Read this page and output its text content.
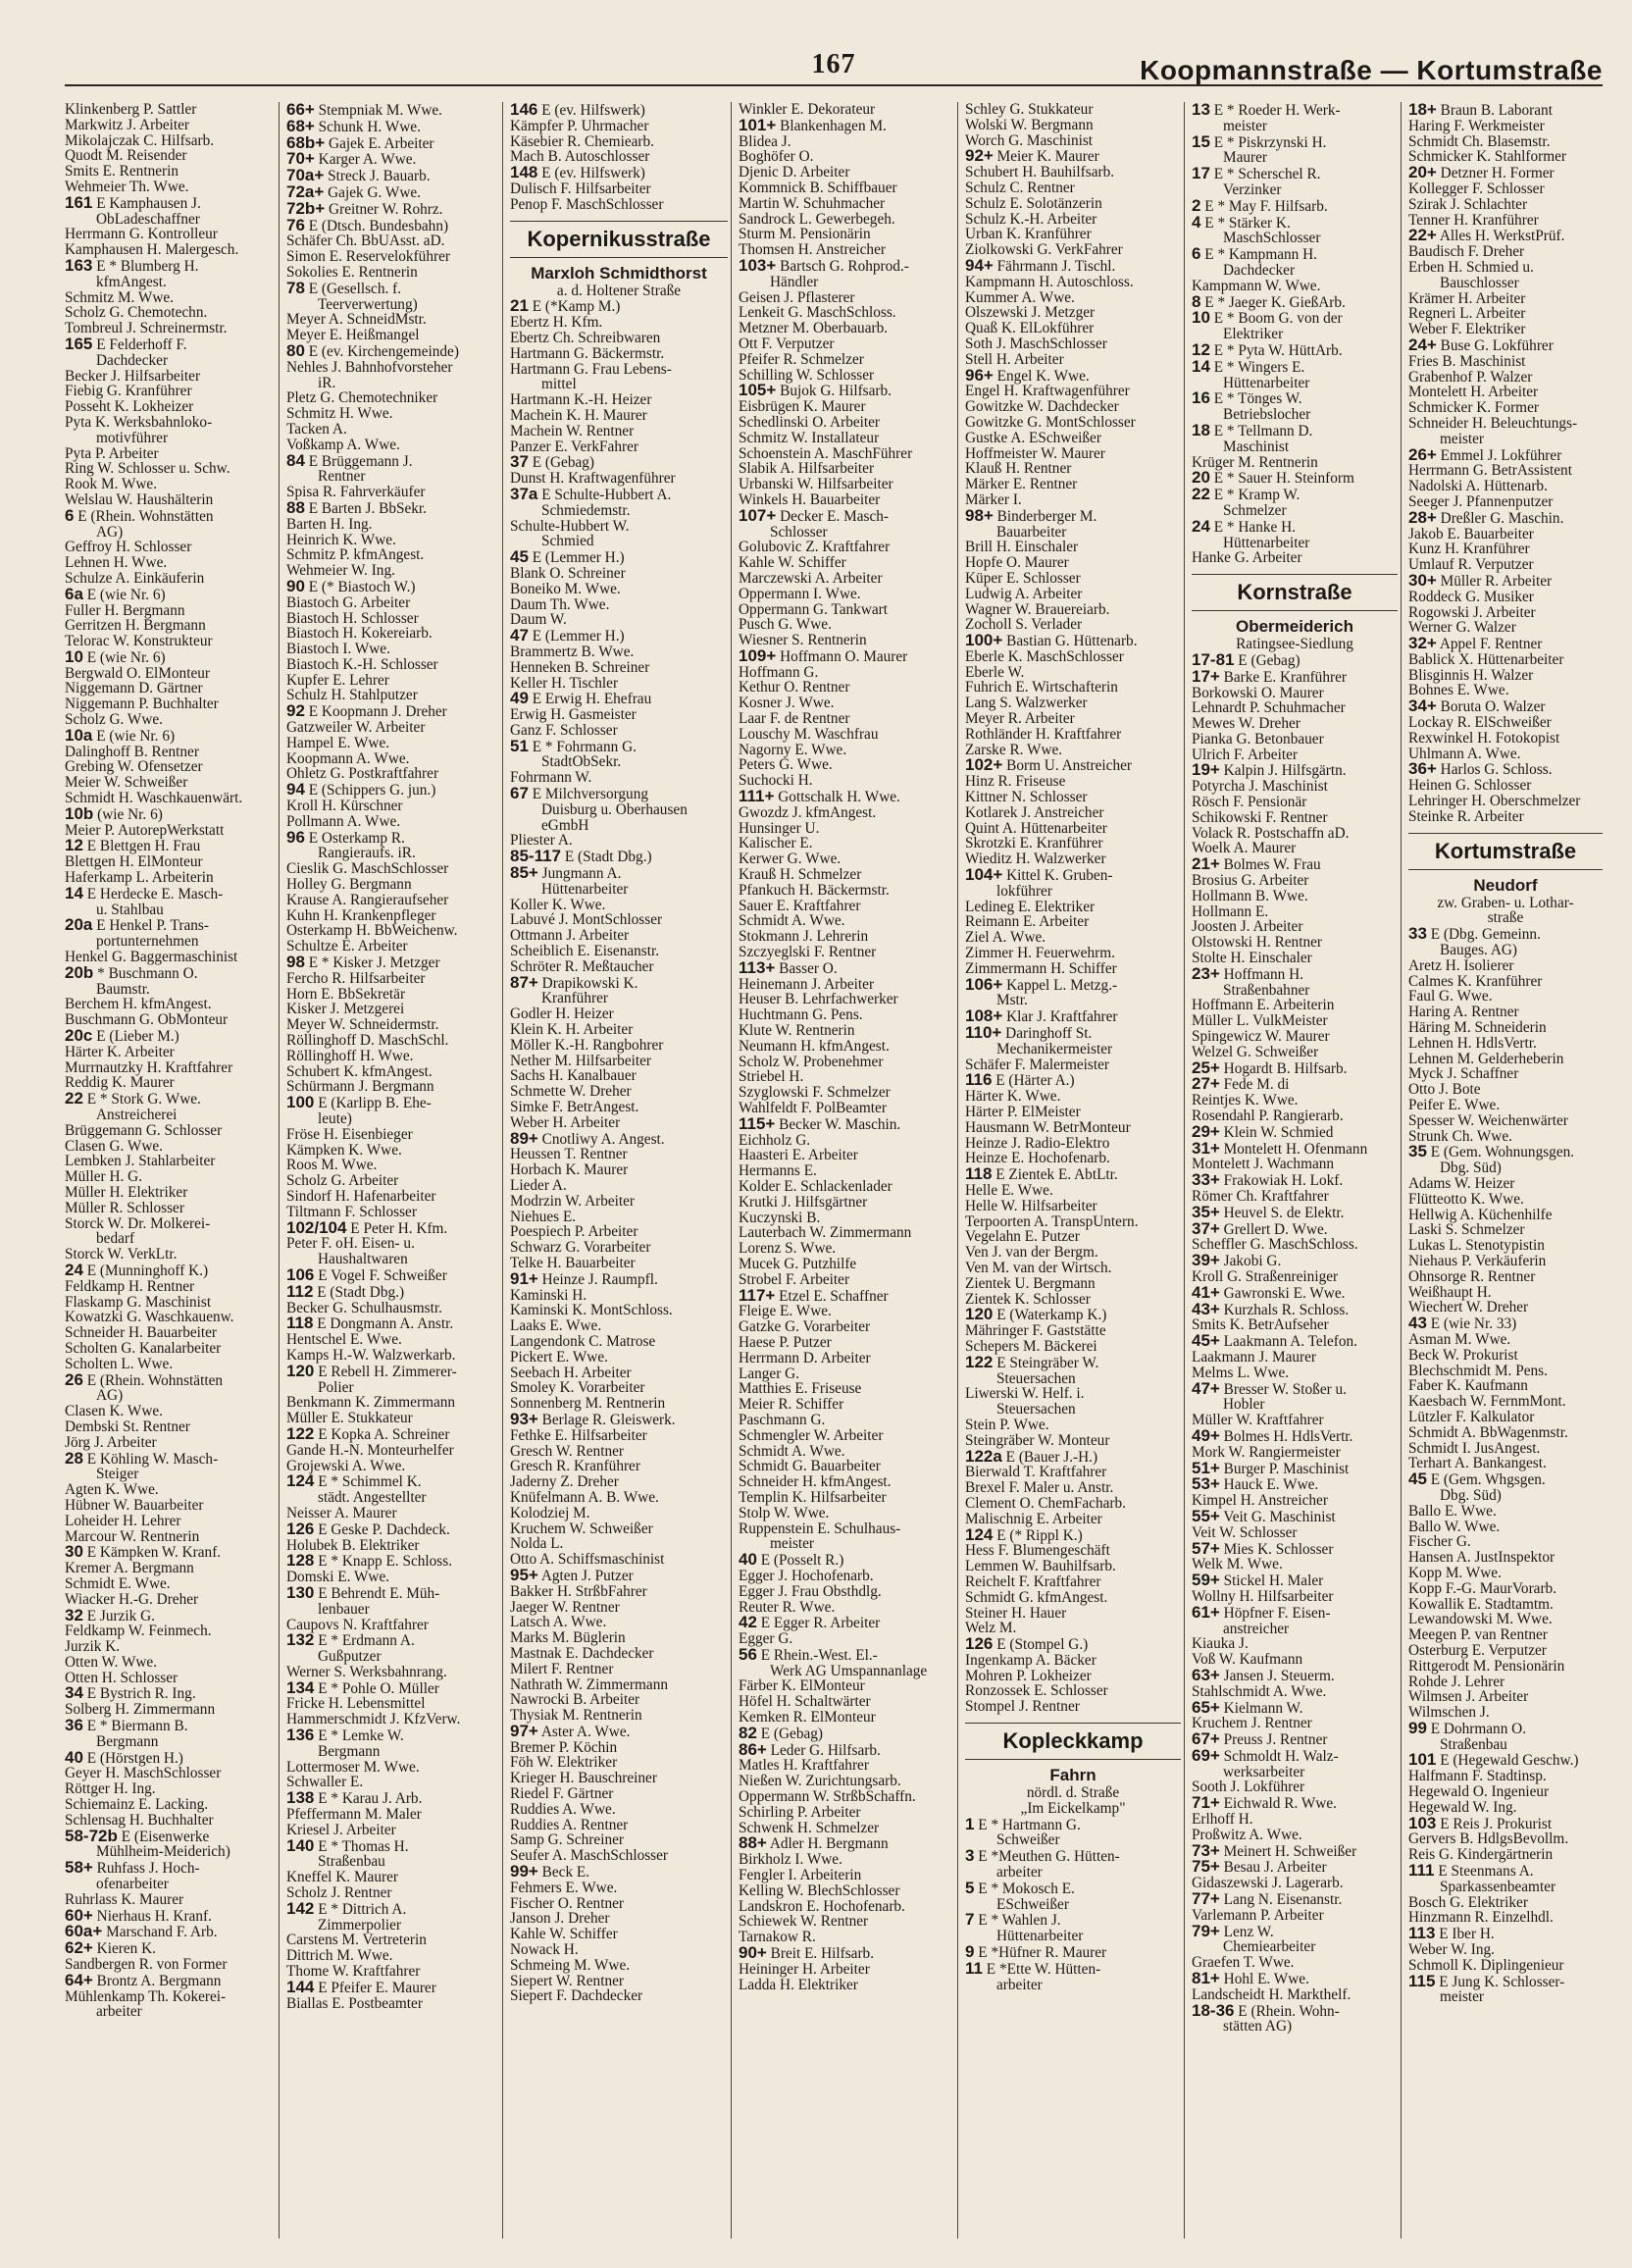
167	Koopmannstraße — Kortumstraße
Klinkenberg P. Sattler
Markwitz J. Arbeiter
Mikolajczak C. Hilfsarb.
Quodt M. Reisender
Smits E. Rentnerin
Wehmeier Th. Wwe.
161 E Kamphausen J.
ObLadeschaffner
Herrmann G. Kontrolleur
Kamphausen H. Malergesch.
163 E * Blumberg H.
kfmAngest.
Schmitz M. Wwe.
Scholz G. Chemotechn.
Tombreul J. Schreinermstr.
165 E Felderhoff F.
Dachdecker
Becker J. Hilfsarbeiter
Fiebig G. Kranführer
Posseht K. Lokheizer
Pyta K. Werksbahnloko-
motivführer
Pyta P. Arbeiter
Ring W. Schlosser u. Schw.
Rook M. Wwe.
Welslau W. Haushälterin
6 E (Rhein. Wohnstätten
AG)
Geffroy H. Schlosser
Lehnen H. Wwe.
Schulze A. Einkäuferin
6a E (wie Nr. 6)
Fuller H. Bergmann
Gerritzen H. Bergmann
Telorac W. Konstrukteur
10 E (wie Nr. 6)
Bergwald O. ElMonteur
Niggemann D. Gärtner
Niggemann P. Buchhalter
Scholz G. Wwe.
10a E (wie Nr. 6)
Dalinghoff B. Rentner
Grebing W. Ofensetzer
Meier W. Schweißer
Schmidt H. Waschkauenwärt.
10b (wie Nr. 6)
Meier P. AutorepWerkstatt
12 E Blettgen H. Frau
Blettgen H. ElMonteur
Haferkamp L. Arbeiterin
14 E Herdecke E. Masch-
u. Stahlbau
20a E Henkel P. Trans-
portunternehmen
Henkel G. Baggermaschinist
20b * Buschmann O.
Baumstr.
Berchem H. kfmAngest.
Buschmann G. ObMonteur
20c E (Lieber M.)
Härter K. Arbeiter
Murrnautzky H. Kraftfahrer
Reddig K. Maurer
22 E * Stork G. Wwe.
Anstreicherei
Brüggemann G. Schlosser
Clasen G. Wwe.
Lembken J. Stahlarbeiter
Müller H. G.
Müller H. Elektriker
Müller R. Schlosser
Storck W. Dr. Molkerei-
bedarf
Storck W. VerkLtr.
24 E (Munninghoff K.)
Feldkamp H. Rentner
Flaskamp G. Maschinist
Kowatzki G. Waschkauenw.
Schneider H. Bauarbeiter
Scholten G. Kanalarbeiter
Scholten L. Wwe.
26 E (Rhein. Wohnstätten
AG)
Clasen K. Wwe.
Dembski St. Rentner
Jörg J. Arbeiter
28 E Köhling W. Masch-
Steiger
Agten K. Wwe.
Hübner W. Bauarbeiter
Loheider H. Lehrer
Marcour W. Rentnerin
30 E Kämpken W. Kranf.
Kremer A. Bergmann
Schmidt E. Wwe.
Wiacker H.-G. Dreher
32 E Jurzik G.
Feldkamp W. Feinmech.
Jurzik K.
Otten W. Wwe.
Otten H. Schlosser
34 E Bystrich R. Ing.
Solberg H. Zimmermann
36 E * Biermann B.
Bergmann
40 E (Hörstgen H.)
Geyer H. MaschSchlosser
Röttger H. Ing.
Schiemainz E. Lacking.
Schlensag H. Buchhalter
58-72b E (Eisenwerke
Mühlheim-Meiderich)
58+ Ruhfass J. Hoch-
ofenarbeiter
Ruhrlass K. Maurer
60+ Nierhaus H. Kranf.
60a+ Marschand F. Arb.
62+ Kieren K.
Sandbergen R. von Former
64+ Brontz A. Bergmann
Mühlenkamp Th. Kokerei-
arbeiter
66+ Stempniak M. Wwe.
68+ Schunk H. Wwe.
68b+ Gajek E. Arbeiter
70+ Karger A. Wwe.
70a+ Streck J. Bauarb.
72a+ Gajek G. Wwe.
72b+ Greitner W. Rohrz.
76 E (Dtsch. Bundesbahn)
Schäfer Ch. BbUAsst. aD.
Simon E. Reservelokführer
Sokolies E. Rentnerin
78 E (Gesellsch. f.
Teerverwertung)
Meyer A. SchneidMstr.
Meyer E. Heißmangel
80 E (ev. Kirchengemeinde)
Nehles J. Bahnhofvorsteher
iR.
Pletz G. Chemotechniker
Schmitz H. Wwe.
Tacken A.
Voßkamp A. Wwe.
84 E Brüggemann J.
Rentner
Spisa R. Fahrverkäufer
88 E Barten J. BbSekr.
Barten H. Ing.
Heinrich K. Wwe.
Schmitz P. kfmAngest.
Wehmeier W. Ing.
90 E (* Biastoch W.)
Biastoch G. Arbeiter
Biastoch H. Schlosser
Biastoch H. Kokereiarb.
Biastoch I. Wwe.
Biastoch K.-H. Schlosser
Kupfer E. Lehrer
Schulz H. Stahlputzer
92 E Koopmann J. Dreher
Gatzweiler W. Arbeiter
Hampel E. Wwe.
Koopmann A. Wwe.
Ohletz G. Postkraftfahrer
94 E (Schippers G. jun.)
Kroll H. Kürschner
Pollmann A. Wwe.
96 E Osterkamp R.
Rangieraufs. iR.
Cieslik G. MaschSchlosser
Holley G. Bergmann
Krause A. Rangieraufseher
Kuhn H. Krankenpfleger
Osterkamp H. BbWeichenw.
Schultze E. Arbeiter
98 E * Kisker J. Metzger
Fercho R. Hilfsarbeiter
Horn E. BbSekretär
Kisker J. Metzgerei
Meyer W. Schneidermstr.
Röllinghoff D. MaschSchl.
Röllinghoff H. Wwe.
Schubert K. kfmAngest.
Schürmann J. Bergmann
100 E (Karlipp B. Ehe-
leute)
Fröse H. Eisenbieger
Kämpken K. Wwe.
Roos M. Wwe.
Scholz G. Arbeiter
Sindorf H. Hafenarbeiter
Tiltmann F. Schlosser
102/104 E Peter H. Kfm.
Peter F. oH. Eisen- u.
Haushaltwaren
106 E Vogel F. Schweißer
112 E (Stadt Dbg.)
Becker G. Schulhausmstr.
118 E Dongmann A. Anstr.
Hentschel E. Wwe.
Kamps H.-W. Walzwerkarb.
120 E Rebell H. Zimmerer-
Polier
Benkmann K. Zimmermann
Müller E. Stukkateur
122 E Kopka A. Schreiner
Gande H.-N. Monteurhelfer
Grojewski A. Wwe.
124 E * Schimmel K.
städt. Angestellter
Neisser A. Maurer
126 E Geske P. Dachdeck.
Holubek B. Elektriker
128 E * Knapp E. Schloss.
Domski E. Wwe.
130 E Behrendt E. Müh-
lenbauer
Caupovs N. Kraftfahrer
132 E * Erdmann A.
Gußputzer
Werner S. Werksbahnrang.
134 E * Pohle O. Müller
Fricke H. Lebensmittel
Hammerschmidt J. KfzVerw.
136 E * Lemke W.
Bergmann
Lottermoser M. Wwe.
Schwaller E.
138 E * Karau J. Arb.
Pfeffermann M. Maler
Kriesel J. Arbeiter
140 E * Thomas H.
Straßenbau
Kneffel K. Maurer
Scholz J. Rentner
142 E * Dittrich A.
Zimmerpolier
Carstens M. Vertreterin
Dittrich M. Wwe.
Thome W. Kraftfahrer
144 E Pfeifer E. Maurer
Biallas E. Postbeamter
146 E (ev. Hilfswerk)
Kämpfer P. Uhrmacher
Käsebier R. Chemiearb.
Mach B. Autoschlosser
148 E (ev. Hilfswerk)
Dulisch F. Hilfsarbeiter
Penop F. MaschSchlosser
Kopernikusstraße
Marxloh Schmidthorst
a. d. Holtener Straße
21 E (*Kamp M.)
Ebertz H. Kfm.
Ebertz Ch. Schreibwaren
Hartmann G. Bäckermstr.
Hartmann G. Frau Lebens-
mittel
Hartmann K.-H. Heizer
Machein K. H. Maurer
Machein W. Rentner
Panzer E. VerkFahrer
37 E (Gebag)
Dunst H. Kraftwagenführer
37a E Schulte-Hubbert A.
Schmiedemstr.
Schulte-Hubbert W.
Schmied
45 E (Lemmer H.)
Blank O. Schreiner
Boneiko M. Wwe.
Daum Th. Wwe.
Daum W.
47 E (Lemmer H.)
Brammertz B. Wwe.
Henneken B. Schreiner
Keller H. Tischler
49 E Erwig H. Ehefrau
Erwig H. Gasmeister
Ganz F. Schlosser
51 E * Fohrmann G.
StadtObSekr.
Fohrmann W.
67 E Milchversorgung
Duisburg u. Oberhausen
eGmbH
Pliester A.
85-117 E (Stadt Dbg.)
85+ Jungmann A.
Hüttenarbeiter
Koller K. Wwe.
Labuvé J. MontSchlosser
Ottmann J. Arbeiter
Scheiblich E. Eisenanstr.
Schröter R. Meßtaucher
87+ Drapikowski K.
Kranführer
Godler H. Heizer
Klein K. H. Arbeiter
Möller K.-H. Rangbohrer
Nether M. Hilfsarbeiter
Sachs H. Kanalbauer
Schmette W. Dreher
Simke F. BetrAngest.
Weber H. Arbeiter
89+ Cnotliwy A. Angest.
Heussen T. Rentner
Horbach K. Maurer
Lieder A.
Modrzin W. Arbeiter
Niehues E.
Poespiech P. Arbeiter
Schwarz G. Vorarbeiter
Telke H. Bauarbeiter
91+ Heinze J. Raumpfl.
Kaminski H.
Kaminski K. MontSchloss.
Laaks E. Wwe.
Langendonk C. Matrose
Pickert E. Wwe.
Seebach H. Arbeiter
Smoley K. Vorarbeiter
Sonnenberg M. Rentnerin
93+ Berlage R. Gleiswerk.
Fethke E. Hilfsarbeiter
Gresch W. Rentner
Gresch R. Kranführer
Jaderny Z. Dreher
Knüfelmann A. B. Wwe.
Kolodziej M.
Kruchem W. Schweißer
Nolda L.
Otto A. Schiffsmaschinist
95+ Agten J. Putzer
Bakker H. StrßbFahrer
Jaeger W. Rentner
Latsch A. Wwe.
Marks M. Büglerin
Mastnak E. Dachdecker
Milert F. Rentner
Nathrath W. Zimmermann
Nawrocki B. Arbeiter
Thysiak M. Rentnerin
97+ Aster A. Wwe.
Bremer P. Köchin
Föh W. Elektriker
Krieger H. Bauschreiner
Riedel F. Gärtner
Ruddies A. Wwe.
Ruddies A. Rentner
Samp G. Schreiner
Seufer A. MaschSchlosser
99+ Beck E.
Fehmers E. Wwe.
Fischer O. Rentner
Janson J. Dreher
Kahle W. Schiffer
Nowack H.
Schmeing M. Wwe.
Siepert W. Rentner
Siepert F. Dachdecker
Winkler E. Dekorateur
101+ Blankenhagen M.
Blidea J.
Boghöfer O.
Djenic D. Arbeiter
Kommnick B. Schiffbauer
Martin W. Schuhmacher
Sandrock L. Gewerbegeh.
Sturm M. Pensionärin
Thomsen H. Anstreicher
103+ Bartsch G. Rohprod.-
Händler
Geisen J. Pflasterer
Lenkeit G. MaschSchloss.
Metzner M. Oberbauarb.
Ott F. Verputzer
Pfeifer R. Schmelzer
Schilling W. Schlosser
105+ Bujok G. Hilfsarb.
Eisbrügen K. Maurer
Schedlinski O. Arbeiter
Schmitz W. Installateur
Schoenstein A. MaschFührer
Slabik A. Hilfsarbeiter
Urbanski W. Hilfsarbeiter
Winkels H. Bauarbeiter
107+ Decker E. Masch-
Schlosser
Golubovic Z. Kraftfahrer
Kahle W. Schiffer
Marczewski A. Arbeiter
Oppermann I. Wwe.
Oppermann G. Tankwart
Pusch G. Wwe.
Wiesner S. Rentnerin
109+ Hoffmann O. Maurer
Hoffmann G.
Kethur O. Rentner
Kosner J. Wwe.
Laar F. de Rentner
Louschy M. Waschfrau
Nagorny E. Wwe.
Peters G. Wwe.
Suchocki H.
111+ Gottschalk H. Wwe.
Gwozdz J. kfmAngest.
Hunsinger U.
Kalischer E.
Kerwer G. Wwe.
Krauß H. Schmelzer
Pfankuch H. Bäckermstr.
Sauer E. Kraftfahrer
Schmidt A. Wwe.
Stokmann J. Lehrerin
Szczyeglski F. Rentner
113+ Basser O.
Heinemann J. Arbeiter
Heuser B. Lehrfachwerker
Huchtmann G. Pens.
Klute W. Rentnerin
Neumann H. kfmAngest.
Scholz W. Probenehmer
Striebel H.
Szyglowski F. Schmelzer
Wahlfeldt F. PolBeamter
115+ Becker W. Maschin.
Eichholz G.
Haasteri E. Arbeiter
Hermanns E.
Kolder E. Schlackenlader
Krutki J. Hilfsgärtner
Kuczynski B.
Lauterbach W. Zimmermann
Lorenz S. Wwe.
Mucek G. Putzhilfe
Strobel F. Arbeiter
117+ Etzel E. Schaffner
Fleige E. Wwe.
Gatzke G. Vorarbeiter
Haese P. Putzer
Herrmann D. Arbeiter
Langer G.
Matthies E. Friseuse
Meier R. Schiffer
Paschmann G.
Schmengler W. Arbeiter
Schmidt A. Wwe.
Schmidt G. Bauarbeiter
Schneider H. kfmAngest.
Templin K. Hilfsarbeiter
Stolp W. Wwe.
Ruppenstein E. Schulhaus-
meister
40 E (Posselt R.)
Egger J. Hochofenarb.
Egger J. Frau Obsthdlg.
Reuter R. Wwe.
42 E Egger R. Arbeiter
Egger G.
56 E Rhein.-West. El.-
Werk AG Umspannanlage
Färber K. ElMonteur
Höfel H. Schaltwärter
Kemken R. ElMonteur
82 E (Gebag)
86+ Leder G. Hilfsarb.
Matles H. Kraftfahrer
Nießen W. Zurichtungsarb.
Oppermann W. StrßbSchaffn.
Schirling P. Arbeiter
Schwenk H. Schmelzer
88+ Adler H. Bergmann
Birkholz I. Wwe.
Fengler I. Arbeiterin
Kelling W. BlechSchlosser
Landskron E. Hochofenarb.
Schiewek W. Rentner
Tarnakow R.
90+ Breit E. Hilfsarb.
Heininger H. Arbeiter
Ladda H. Elektriker
Schley G. Stukkateur
Wolski W. Bergmann
Worch G. Maschinist
92+ Meier K. Maurer
Schubert H. Bauhilfsarb.
Schulz C. Rentner
Schulz E. Solotänzerin
Schulz K.-H. Arbeiter
Urban K. Kranführer
Ziolkowski G. VerkFahrer
94+ Fährmann J. Tischl.
Kampmann H. Autoschloss.
Kummer A. Wwe.
Olszewski J. Metzger
Quaß K. ElLokführer
Soth J. MaschSchlosser
Stell H. Arbeiter
96+ Engel K. Wwe.
Engel H. Kraftwagenführer
Gowitzke W. Dachdecker
Gowitzke G. MontSchlosser
Gustke A. ESchweißer
Hoffmeister W. Maurer
Klauß H. Rentner
Märker E. Rentner
Märker I.
98+ Binderberger M.
Bauarbeiter
Brill H. Einschaler
Hopfe O. Maurer
Küper E. Schlosser
Ludwig A. Arbeiter
Wagner W. Brauereiarb.
Zocholl S. Verlader
100+ Bastian G. Hüttenarb.
Eberle K. MaschSchlosser
Eberle W.
Fuhrich E. Wirtschafterin
Lang S. Walzwerker
Meyer R. Arbeiter
Rothländer H. Kraftfahrer
Zarske R. Wwe.
102+ Borm U. Anstreicher
Hinz R. Friseuse
Kittner N. Schlosser
Kotlarek J. Anstreicher
Quint A. Hüttenarbeiter
Skrotzki E. Kranführer
Wieditz H. Walzwerker
104+ Kittel K. Gruben-
lokführer
Ledineg E. Elektriker
Reimann E. Arbeiter
Ziel A. Wwe.
Zimmer H. Feuerwehrm.
Zimmermann H. Schiffer
106+ Kappel L. Metzg.-
Mstr.
108+ Klar J. Kraftfahrer
110+ Daringhoff St.
Mechanikermeister
Schäfer F. Malermeister
116 E (Härter A.)
Härter K. Wwe.
Härter P. ElMeister
Hausmann W. BetrMonteur
Heinze J. Radio-Elektro
Heinze E. Hochofenarb.
118 E Zientek E. AbtLtr.
Helle E. Wwe.
Helle W. Hilfsarbeiter
Terpoorten A. TranspUntern.
Vegelahn E. Putzer
Ven J. van der Bergm.
Ven M. van der Wirtsch.
Zientek U. Bergmann
Zientek K. Schlosser
120 E (Waterkamp K.)
Mähringer F. Gaststätte
Schepers M. Bäckerei
122 E Steingräber W.
Steuersachen
Liwerski W. Helf. i.
Steuersachen
Stein P. Wwe.
Steingräber W. Monteur
122a E (Bauer J.-H.)
Bierwald T. Kraftfahrer
Brexel F. Maler u. Anstr.
Clement O. ChemFacharb.
Malischnig E. Arbeiter
124 E (* Rippl K.)
Hess F. Blumengeschäft
Lemmen W. Bauhilfsarb.
Reichelt F. Kraftfahrer
Schmidt G. kfmAngest.
Steiner H. Hauer
Welz M.
126 E (Stompel G.)
Ingenkamp A. Bäcker
Mohren P. Lokheizer
Ronzossek E. Schlosser
Stompel J. Rentner
Kopleckkamp
Fahrn
nördl. d. Straße
„Im Eickelkamp"
1 E * Hartmann G.
Schweißer
3 E *Meuthen G. Hütten-
arbeiter
5 E * Mokosch E.
ESchweißer
7 E * Wahlen J.
Hüttenarbeiter
9 E *Hüfner R. Maurer
11 E *Ette W. Hütten-
arbeiter
13 E * Roeder H. Werk-
meister
15 E * Piskrzynski H.
Maurer
17 E * Scherschel R.
Verzinker
2 E * May F. Hilfsarb.
4 E * Stärker K.
MaschSchlosser
6 E * Kampmann H.
Dachdecker
Kampmann W. Wwe.
8 E * Jaeger K. GießArb.
10 E * Boom G. von der
Elektriker
12 E * Pyta W. HüttArb.
14 E * Wingers E.
Hüttenarbeiter
16 E * Tönges W.
Betriebslocher
18 E * Tellmann D.
Maschinist
Krüger M. Rentnerin
20 E * Sauer H. Steinform
22 E * Kramp W.
Schmelzer
24 E * Hanke H.
Hüttenarbeiter
Hanke G. Arbeiter
Kornstraße
Obermeiderich
Ratingsee-Siedlung
17-81 E (Gebag)
17+ Barke E. Kranführer
Borkowski O. Maurer
Lehnardt P. Schuhmacher
Mewes W. Dreher
Pianka G. Betonbauer
Ulrich F. Arbeiter
19+ Kalpin J. Hilfsgärtn.
Potyrcha J. Maschinist
Rösch F. Pensionär
Schikowski F. Rentner
Volack R. Postschaffn aD.
Woelk A. Maurer
21+ Bolmes W. Frau
Brosius G. Arbeiter
Hollmann B. Wwe.
Hollmann E.
Joosten J. Arbeiter
Olstowski H. Rentner
Stolte H. Einschaler
23+ Hoffmann H.
Straßenbahner
Hoffmann E. Arbeiterin
Müller L. VulkMeister
Spingewicz W. Maurer
Welzel G. Schweißer
25+ Hogardt B. Hilfsarb.
27+ Fede M. di
Reintjes K. Wwe.
Rosendahl P. Rangierarb.
29+ Klein W. Schmied
31+ Montelett H. Ofenmann
Montelett J. Wachmann
33+ Frakowiak H. Lokf.
Römer Ch. Kraftfahrer
35+ Heuvel S. de Elektr.
37+ Grellert D. Wwe.
Scheffler G. MaschSchloss.
39+ Jakobi G.
Kroll G. Straßenreiniger
41+ Gawronski E. Wwe.
43+ Kurzhals R. Schloss.
Smits K. BetrAufseher
45+ Laakmann A. Telefon.
Laakmann J. Maurer
Melms L. Wwe.
47+ Bresser W. Stoßer u.
Hobler
Müller W. Kraftfahrer
49+ Bolmes H. HdlsVertr.
Mork W. Rangiermeister
51+ Burger P. Maschinist
53+ Hauck E. Wwe.
Kimpel H. Anstreicher
55+ Veit G. Maschinist
Veit W. Schlosser
57+ Mies K. Schlosser
Welk M. Wwe.
59+ Stickel H. Maler
Wollny H. Hilfsarbeiter
61+ Höpfner F. Eisen-
anstreicher
Kiauka J.
Voß W. Kaufmann
63+ Jansen J. Steuerm.
Stahlschmidt A. Wwe.
65+ Kielmann W.
Kruchem J. Rentner
67+ Preuss J. Rentner
69+ Schmoldt H. Walz-
werksarbeiter
Sooth J. Lokführer
71+ Eichwald R. Wwe.
Erlhoff H.
Proßwitz A. Wwe.
73+ Meinert H. Schweißer
75+ Besau J. Arbeiter
Gidaszewski J. Lagerarb.
77+ Lang N. Eisenanstr.
Varlemann P. Arbeiter
79+ Lenz W.
Chemiearbeiter
Graefen T. Wwe.
81+ Hohl E. Wwe.
Landscheidt H. Markthelf.
18-36 E (Rhein. Wohn-
stätten AG)
18+ Braun B. Laborant
Haring F. Werkmeister
Schmidt Ch. Blasemstr.
Schmicker K. Stahlformer
20+ Detzner H. Former
Kollegger F. Schlosser
Szirak J. Schlachter
Tenner H. Kranführer
22+ Alles H. WerkstPrüf.
Baudisch F. Dreher
Erben H. Schmied u.
Bauschlosser
Krämer H. Arbeiter
Regneri L. Arbeiter
Weber F. Elektriker
24+ Buse G. Lokführer
Fries B. Maschinist
Grabenhof P. Walzer
Montelett H. Arbeiter
Schmicker K. Former
Schneider H. Beleuchtungs-
meister
26+ Emmel J. Lokführer
Herrmann G. BetrAssistent
Nadolski A. Hüttenarb.
Seeger J. Pfannenputzer
28+ Dreßler G. Maschin.
Jakob E. Bauarbeiter
Kunz H. Kranführer
Umlauf R. Verputzer
30+ Müller R. Arbeiter
Roddeck G. Musiker
Rogowski J. Arbeiter
Werner G. Walzer
32+ Appel F. Rentner
Bablick X. Hüttenarbeiter
Blisginnis H. Walzer
Bohnes E. Wwe.
34+ Boruta O. Walzer
Lockay R. ElSchweißer
Rexwinkel H. Fotokopist
Uhlmann A. Wwe.
36+ Harlos G. Schloss.
Heinen G. Schlosser
Lehringer H. Oberschmelzer
Steinke R. Arbeiter
Kortumstraße
Neudorf
zw. Graben- u. Lothar-
straße
33 E (Dbg. Gemeinn.
Bauges. AG)
Aretz H. Isolierer
Calmes K. Kranführer
Faul G. Wwe.
Haring A. Rentner
Häring M. Schneiderin
Lehnen H. HdlsVertr.
Lehnen M. Gelderheberin
Myck J. Schaffner
Otto J. Bote
Peifer E. Wwe.
Spesser W. Weichenwärter
Strunk Ch. Wwe.
35 E (Gem. Wohnungsgen.
Dbg. Süd)
Adams W. Heizer
Flütteotto K. Wwe.
Hellwig A. Küchenhilfe
Laski S. Schmelzer
Lukas L. Stenotypistin
Niehaus P. Verkäuferin
Ohnsorge R. Rentner
Weißhaupt H.
Wiechert W. Dreher
43 E (wie Nr. 33)
Asman M. Wwe.
Beck W. Prokurist
Blechschmidt M. Pens.
Faber K. Kaufmann
Kaesbach W. FernmMont.
Lützler F. Kalkulator
Schmidt A. BbWagenmstr.
Schmidt I. JusAngest.
Terhart A. Bankangest.
45 E (Gem. Whgsgen.
Dbg. Süd)
Ballo E. Wwe.
Ballo W. Wwe.
Fischer G.
Hansen A. JustInspektor
Kopp M. Wwe.
Kopp F.-G. MaurVorarb.
Kowallik E. Stadtamtm.
Lewandowski M. Wwe.
Meegen P. van Rentner
Osterburg E. Verputzer
Rittgerodt M. Pensionärin
Rohde J. Lehrer
Wilmsen J. Arbeiter
Wilmschen J.
99 E Dohrmann O.
Straßenbau
101 E (Hegewald Geschw.)
Halfmann F. Stadtinsp.
Hegewald O. Ingenieur
Hegewald W. Ing.
103 E Reis J. Prokurist
Gervers B. HdlgsBevollm.
Reis G. Kindergärtnerin
111 E Steenmans A.
Sparkassenbeamter
Bosch G. Elektriker
Hinzmann R. Einzelhdl.
113 E Iber H.
Weber W. Ing.
Schmoll K. Diplingenieur
115 E Jung K. Schlosser-
meister
